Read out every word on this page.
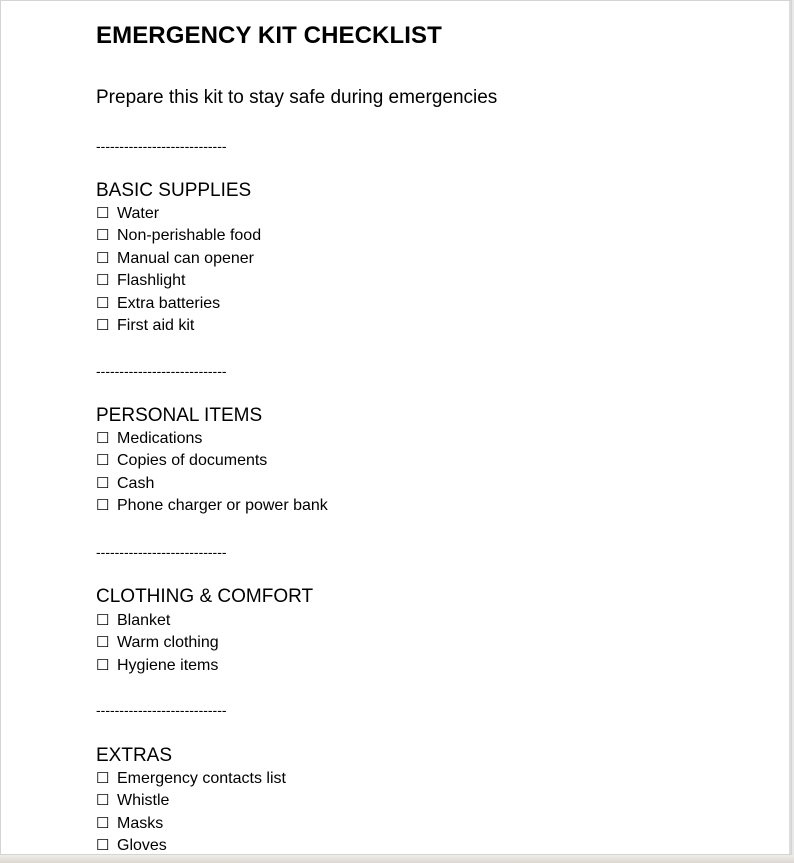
EMERGENCY KIT CHECKLIST
Prepare this kit to stay safe during emergencies
----------------------------
BASIC SUPPLIES
☐ Water
☐ Non-perishable food
☐ Manual can opener
☐ Flashlight
☐ Extra batteries
☐ First aid kit
----------------------------
PERSONAL ITEMS
☐ Medications
☐ Copies of documents
☐ Cash
☐ Phone charger or power bank
----------------------------
CLOTHING & COMFORT
☐ Blanket
☐ Warm clothing
☐ Hygiene items
----------------------------
EXTRAS
☐ Emergency contacts list
☐ Whistle
☐ Masks
☐ Gloves
